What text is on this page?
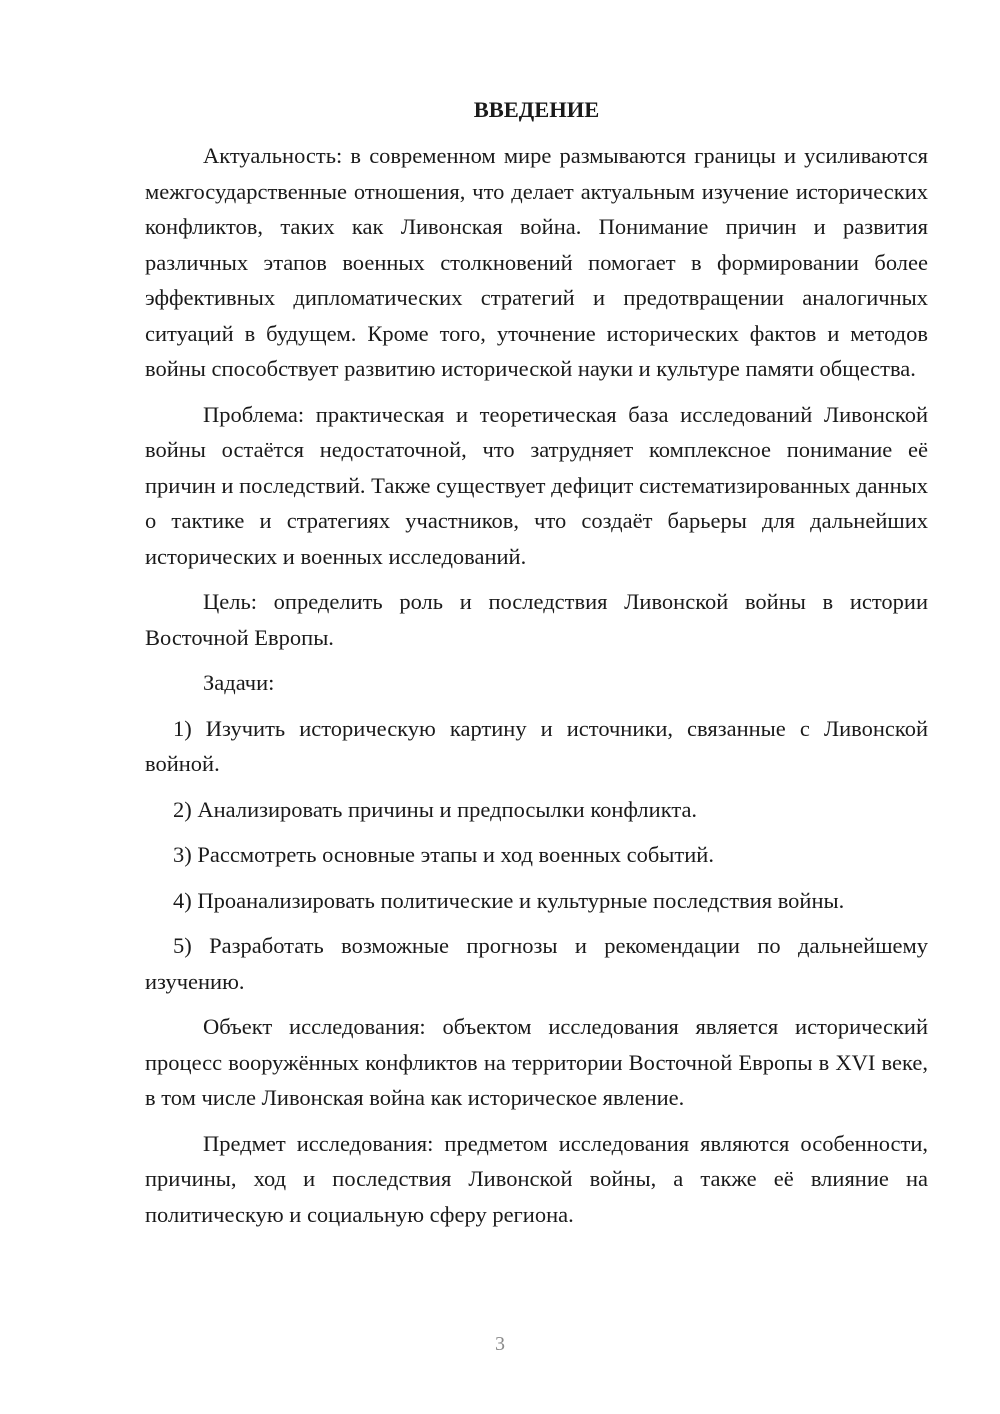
ВВЕДЕНИЕ

Актуальность: в современном мире размываются границы и усиливаются межгосударственные отношения, что делает актуальным изучение исторических конфликтов, таких как Ливонская война. Понимание причин и развития различных этапов военных столкновений помогает в формировании более эффективных дипломатических стратегий и предотвращении аналогичных ситуаций в будущем. Кроме того, уточнение исторических фактов и методов войны способствует развитию исторической науки и культуре памяти общества.

Проблема: практическая и теоретическая база исследований Ливонской войны остаётся недостаточной, что затрудняет комплексное понимание её причин и последствий. Также существует дефицит систематизированных данных о тактике и стратегиях участников, что создаёт барьеры для дальнейших исторических и военных исследований.

Цель: определить роль и последствия Ливонской войны в истории Восточной Европы.

Задачи:

1) Изучить историческую картину и источники, связанные с Ливонской войной.

2) Анализировать причины и предпосылки конфликта.

3) Рассмотреть основные этапы и ход военных событий.

4) Проанализировать политические и культурные последствия войны.

5) Разработать возможные прогнозы и рекомендации по дальнейшему изучению.

Объект исследования: объектом исследования является исторический процесс вооружённых конфликтов на территории Восточной Европы в XVI веке, в том числе Ливонская война как историческое явление.

Предмет исследования: предметом исследования являются особенности, причины, ход и последствия Ливонской войны, а также её влияние на политическую и социальную сферу региона.

3
